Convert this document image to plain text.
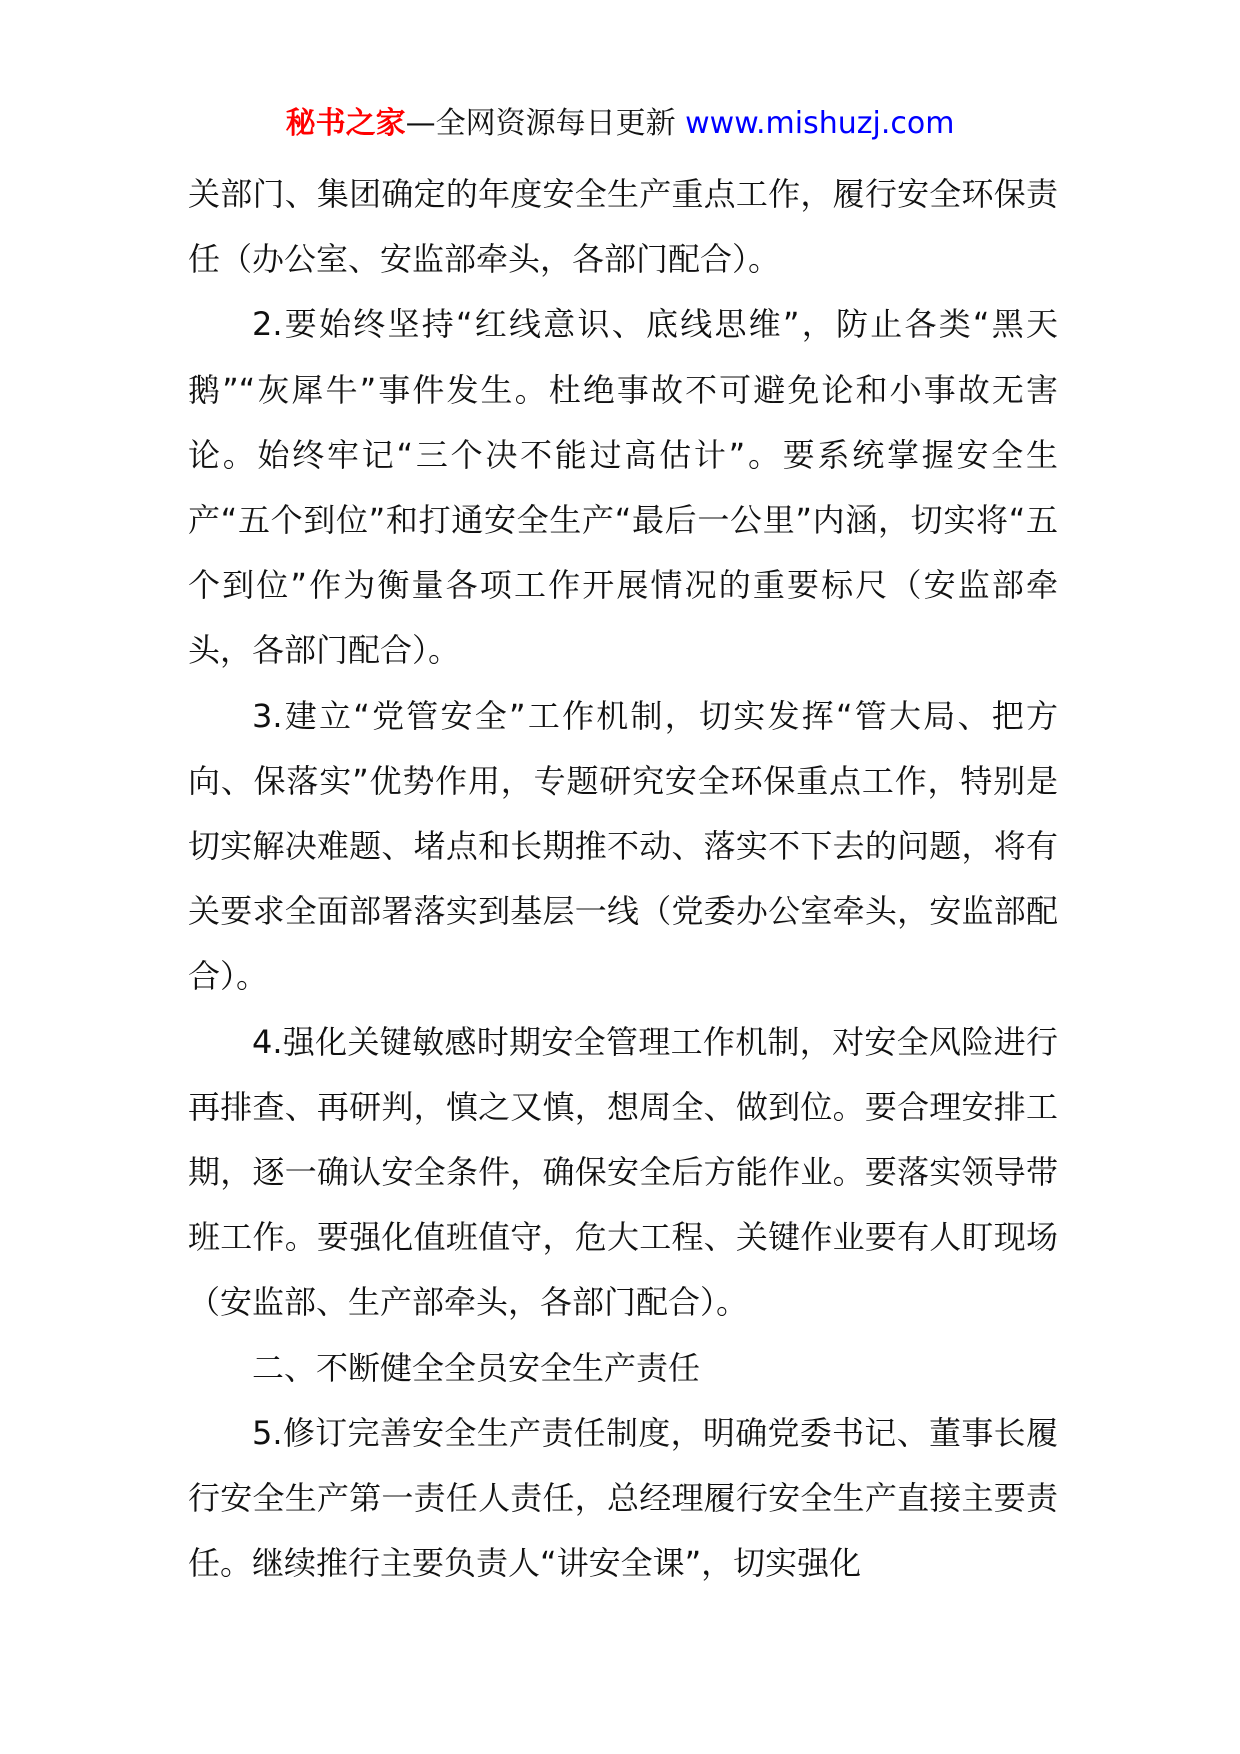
秘书之家—全网资源每日更新 www.mishuzj.com

关部门、集团确定的年度安全生产重点工作，履行安全环保责任（办公室、安监部牵头，各部门配合）。

2.要始终坚持“红线意识、底线思维”，防止各类“黑天鹅”“灰犀牛”事件发生。杜绝事故不可避免论和小事故无害论。始终牢记“三个决不能过高估计”。要系统掌握安全生产“五个到位”和打通安全生产“最后一公里”内涵，切实将“五个到位”作为衡量各项工作开展情况的重要标尺（安监部牵头，各部门配合）。

3.建立“党管安全”工作机制，切实发挥“管大局、把方向、保落实”优势作用，专题研究安全环保重点工作，特别是切实解决难题、堵点和长期推不动、落实不下去的问题，将有关要求全面部署落实到基层一线（党委办公室牵头，安监部配合）。

4.强化关键敏感时期安全管理工作机制，对安全风险进行再排查、再研判，慎之又慎，想周全、做到位。要合理安排工期，逐一确认安全条件，确保安全后方能作业。要落实领导带班工作。要强化值班值守，危大工程、关键作业要有人盯现场（安监部、生产部牵头，各部门配合）。

二、不断健全全员安全生产责任

5.修订完善安全生产责任制度，明确党委书记、董事长履行安全生产第一责任人责任，总经理履行安全生产直接主要责任。继续推行主要负责人“讲安全课”，切实强化
